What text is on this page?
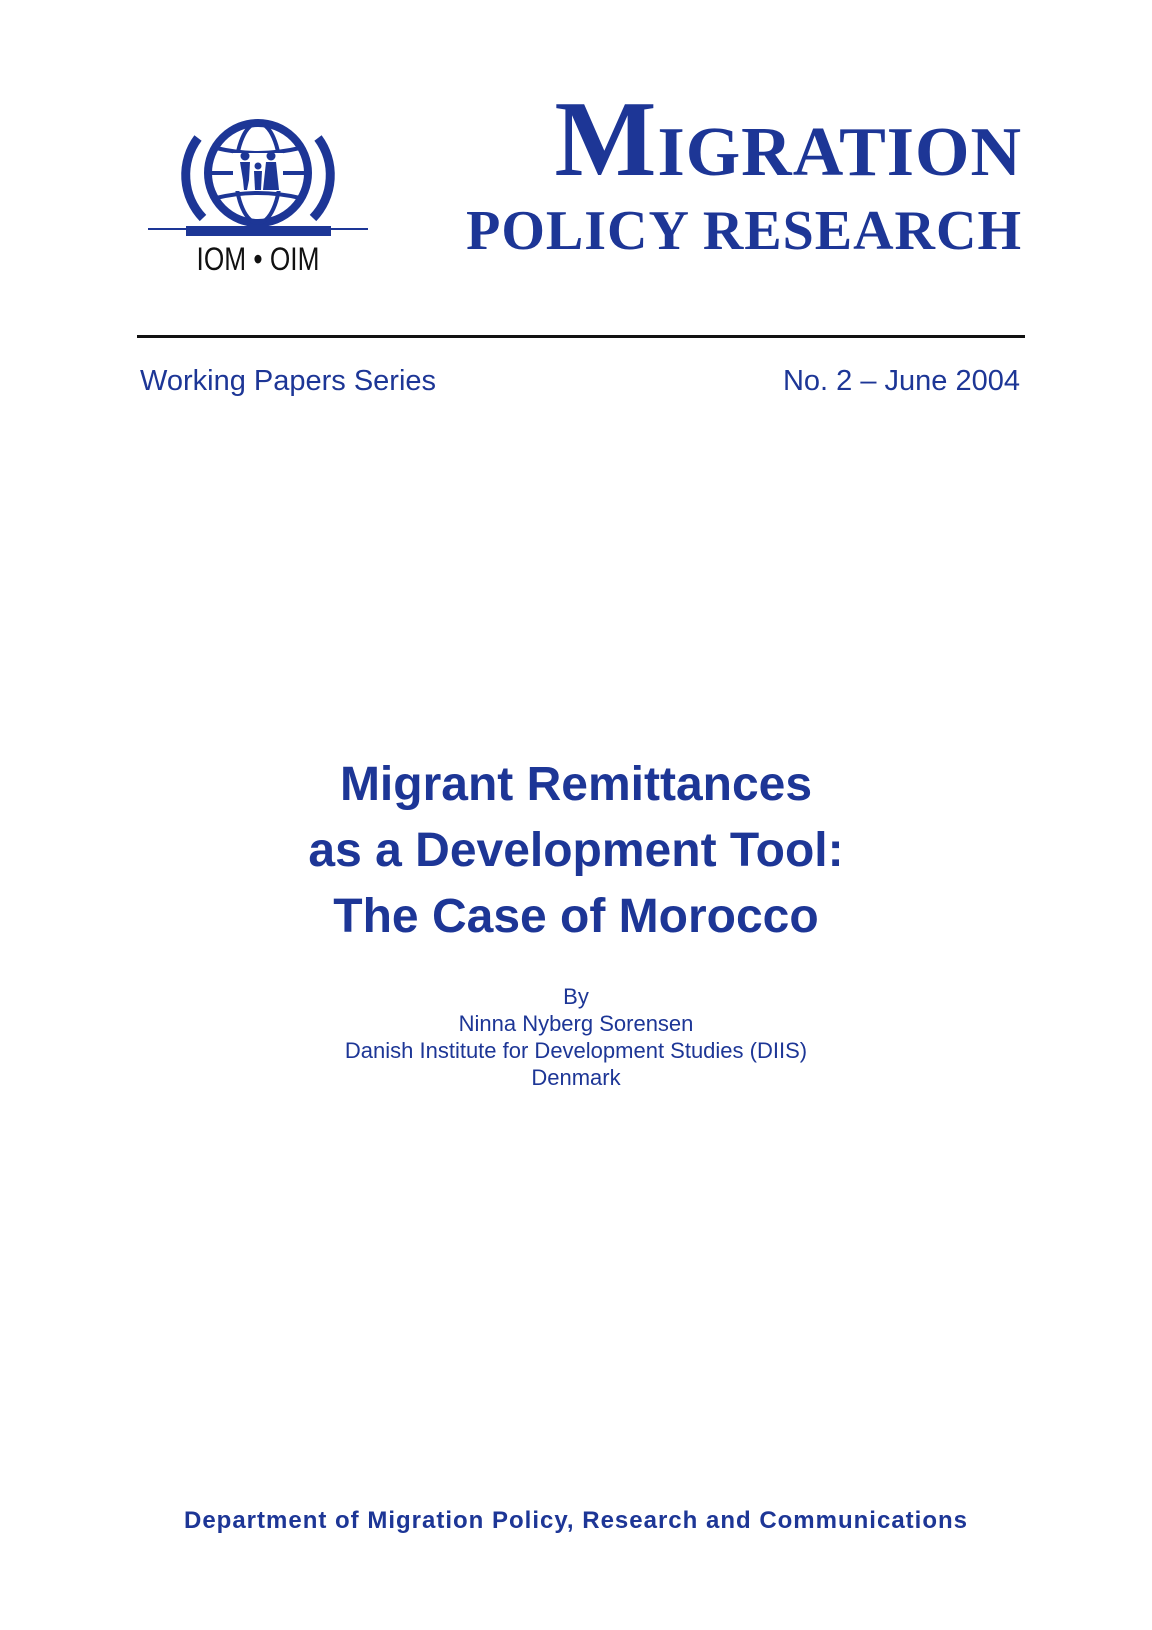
IOM • OIM
MIGRATION
POLICY RESEARCH
Working Papers Series	No. 2 – June 2004
Migrant Remittances
as a Development Tool:
The Case of Morocco
By
Ninna Nyberg Sorensen
Danish Institute for Development Studies (DIIS)
Denmark
Department of Migration Policy, Research and Communications
